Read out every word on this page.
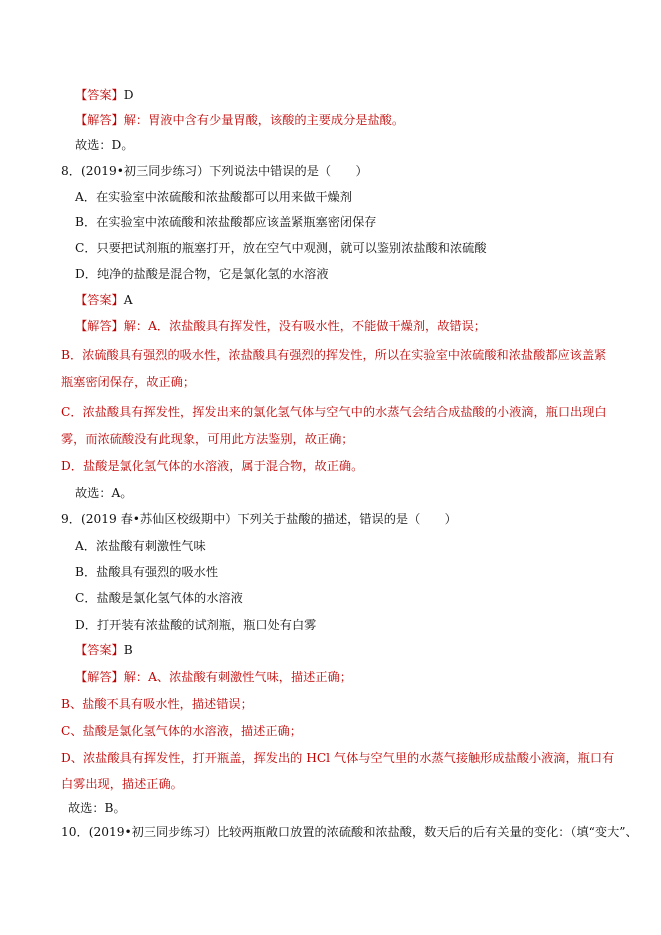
【答案】D
【解答】解：胃液中含有少量胃酸，该酸的主要成分是盐酸。
故选：D。
8．(2019•初三同步练习）下列说法中错误的是（　　）
A．在实验室中浓硫酸和浓盐酸都可以用来做干燥剂
B．在实验室中浓硫酸和浓盐酸都应该盖紧瓶塞密闭保存
C．只要把试剂瓶的瓶塞打开，放在空气中观测，就可以鉴别浓盐酸和浓硫酸
D．纯净的盐酸是混合物，它是氯化氢的水溶液
【答案】A
【解答】解：A．浓盐酸具有挥发性，没有吸水性，不能做干燥剂，故错误；
B．浓硫酸具有强烈的吸水性，浓盐酸具有强烈的挥发性，所以在实验室中浓硫酸和浓盐酸都应该盖紧
瓶塞密闭保存，故正确；
C．浓盐酸具有挥发性，挥发出来的氯化氢气体与空气中的水蒸气会结合成盐酸的小液滴，瓶口出现白
雾，而浓硫酸没有此现象，可用此方法鉴别，故正确；
D．盐酸是氯化氢气体的水溶液，属于混合物，故正确。
故选：A。
9．(2019 春•苏仙区校级期中）下列关于盐酸的描述，错误的是（　　）
A．浓盐酸有刺激性气味
B．盐酸具有强烈的吸水性
C．盐酸是氯化氢气体的水溶液
D．打开装有浓盐酸的试剂瓶，瓶口处有白雾
【答案】B
【解答】解：A、浓盐酸有刺激性气味，描述正确；
B、盐酸不具有吸水性，描述错误；
C、盐酸是氯化氢气体的水溶液，描述正确；
D、浓盐酸具有挥发性，打开瓶盖，挥发出的 HCl 气体与空气里的水蒸气接触形成盐酸小液滴，瓶口有
白雾出现，描述正确。
故选：B。
10．(2019•初三同步练习）比较两瓶敞口放置的浓硫酸和浓盐酸，数天后的后有关量的变化：（填“变大”、
